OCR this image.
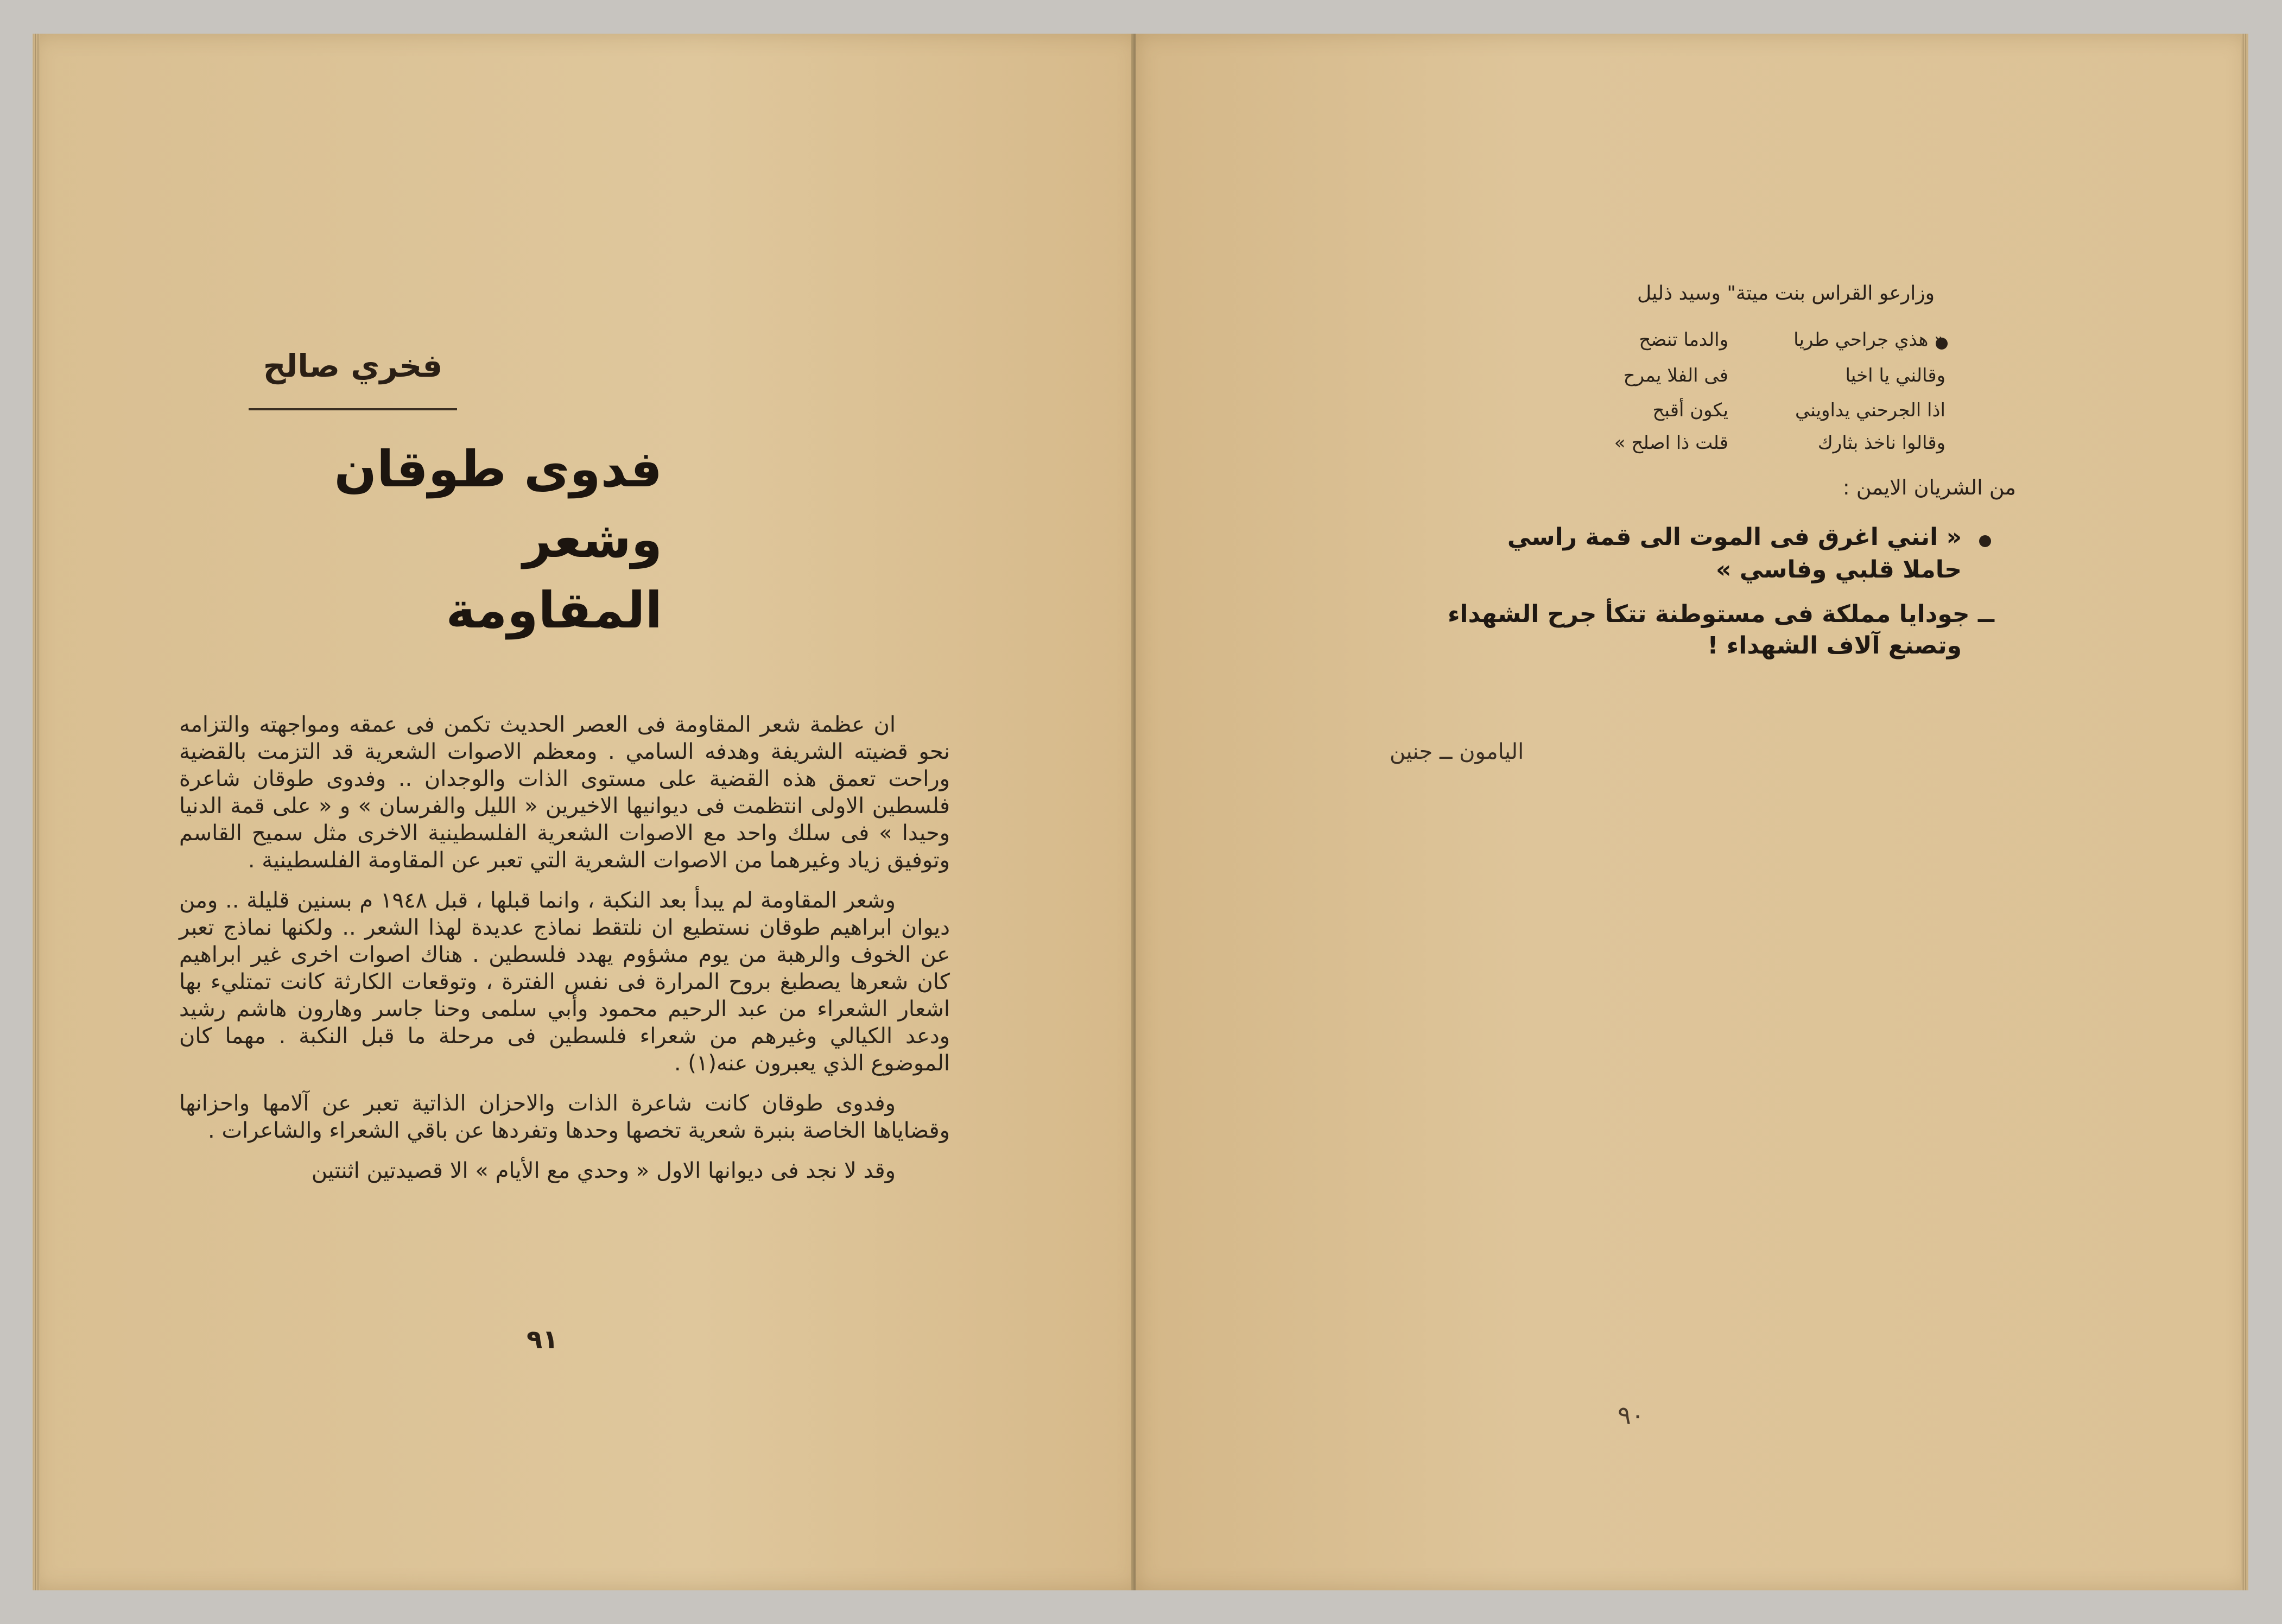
فخري صالح
فدوى طوقان وشعر
المقاومة

ان عظمة شعر المقاومة فى العصر الحديث تكمن فى عمقه ومواجهته والتزامه نحو قضيته الشريفة وهدفه السامي . ومعظم الاصوات الشعرية قد التزمت بالقضية وراحت تعمق هذه القضية على مستوى الذات والوجدان .. وفدوى طوقان شاعرة فلسطين الاولى انتظمت فى ديوانيها الاخيرين « الليل والفرسان » و « على قمة الدنيا وحيدا » فى سلك واحد مع الاصوات الشعرية الفلسطينية الاخرى مثل سميح القاسم وتوفيق زياد وغيرهما من الاصوات الشعرية التي تعبر عن المقاومة الفلسطينية .

وشعر المقاومة لم يبدأ بعد النكبة ، وانما قبلها ، قبل ١٩٤٨ م بسنين قليلة .. ومن ديوان ابراهيم طوقان نستطيع ان نلتقط نماذج عديدة لهذا الشعر .. ولكنها نماذج تعبر عن الخوف والرهبة من يوم مشؤوم يهدد فلسطين . هناك اصوات اخرى غير ابراهيم كان شعرها يصطبغ بروح المرارة فى نفس الفترة ، وتوقعات الكارثة كانت تمتليء بها اشعار الشعراء من عبد الرحيم محمود وأبي سلمى وحنا جاسر وهارون هاشم رشيد ودعد الكيالي وغيرهم من شعراء فلسطين فى مرحلة ما قبل النكبة . مهما كان الموضوع الذي يعبرون عنه(١) .

وفدوى طوقان كانت شاعرة الذات والاحزان الذاتية تعبر عن آلامها واحزانها وقضاياها الخاصة بنبرة شعرية تخصها وحدها وتفردها عن باقي الشعراء والشاعرات .

وقد لا نجد فى ديوانها الاول « وحدي مع الأيام » الا قصيدتين اثنتين

٩١
وزارعو القراس بنت ميتة" وسيد ذليل
« هذي جراحي طريا
والدما تنضح
وقالني يا اخيا
فى الفلا يمرح
اذا الجرحني يداويني
يكون أقبح
وقالوا ناخذ بثارك
قلت ذا اصلح »
من الشريان الايمن :
« انني اغرق فى الموت الى قمة راسي
حاملا قلبي وفاسي »
ــ جودايا مملكة فى مستوطنة تتكأ جرح الشهداء
وتصنع آلاف الشهداء !
اليامون ــ جنين
٩٠
